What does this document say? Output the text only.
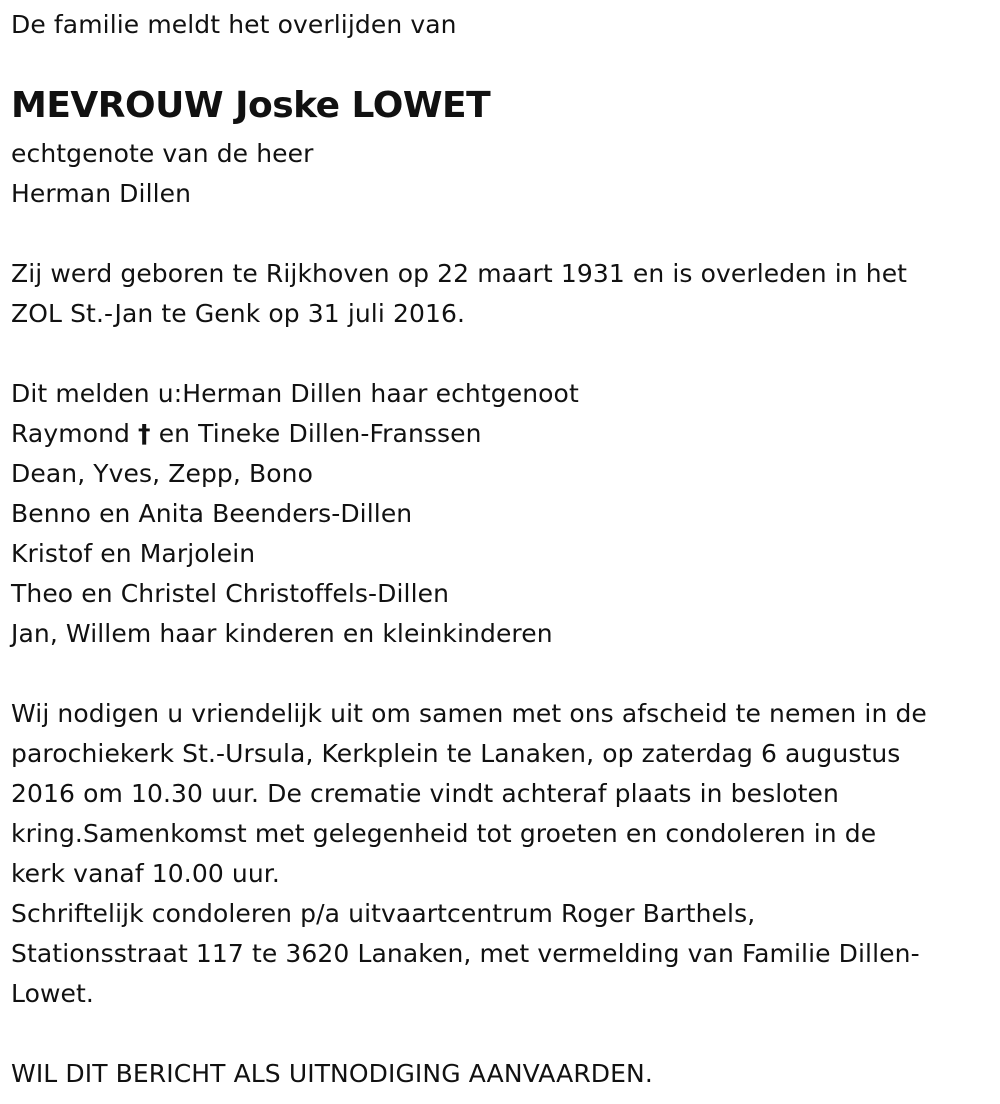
De familie meldt het overlijden van
MEVROUW Joske LOWET
echtgenote van de heer
Herman Dillen
Zij werd geboren te Rijkhoven op 22 maart 1931 en is overleden in het
ZOL St.-Jan te Genk op 31 juli 2016.
Dit melden u:Herman Dillen haar echtgenoot
Raymond † en Tineke Dillen-Franssen
Dean, Yves, Zepp, Bono
Benno en Anita Beenders-Dillen
Kristof en Marjolein
Theo en Christel Christoffels-Dillen
Jan, Willem haar kinderen en kleinkinderen
Wij nodigen u vriendelijk uit om samen met ons afscheid te nemen in de
parochiekerk St.-Ursula, Kerkplein te Lanaken, op zaterdag 6 augustus
2016 om 10.30 uur. De crematie vindt achteraf plaats in besloten
kring.Samenkomst met gelegenheid tot groeten en condoleren in de
kerk vanaf 10.00 uur.
Schriftelijk condoleren p/a uitvaartcentrum Roger Barthels,
Stationsstraat 117 te 3620 Lanaken, met vermelding van Familie Dillen-
Lowet.
WIL DIT BERICHT ALS UITNODIGING AANVAARDEN.
